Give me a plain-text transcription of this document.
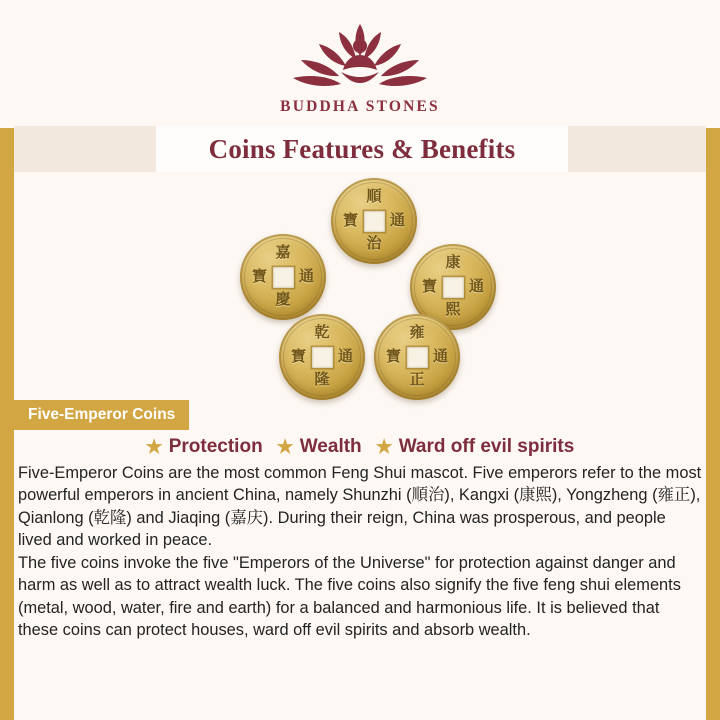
BUDDHA STONES
Coins Features & Benefits
順
治
寶 通
嘉
慶
寶 通
康
熙
寶 通
乾
隆
寶 通
雍
正
寶 通
Five-Emperor Coins
★ Protection ★ Wealth ★ Ward off evil spirits

Five-Emperor Coins are the most common Feng Shui mascot. Five emperors refer to the most powerful emperors in ancient China, namely Shunzhi (順治), Kangxi (康熙), Yongzheng (雍正), Qianlong (乾隆) and Jiaqing (嘉庆). During their reign, China was prosperous, and people lived and worked in peace.

The five coins invoke the five "Emperors of the Universe" for protection against danger and harm as well as to attract wealth luck. The five coins also signify the five feng shui elements (metal, wood, water, fire and earth) for a balanced and harmonious life. It is believed that these coins can protect houses, ward off evil spirits and absorb wealth.
